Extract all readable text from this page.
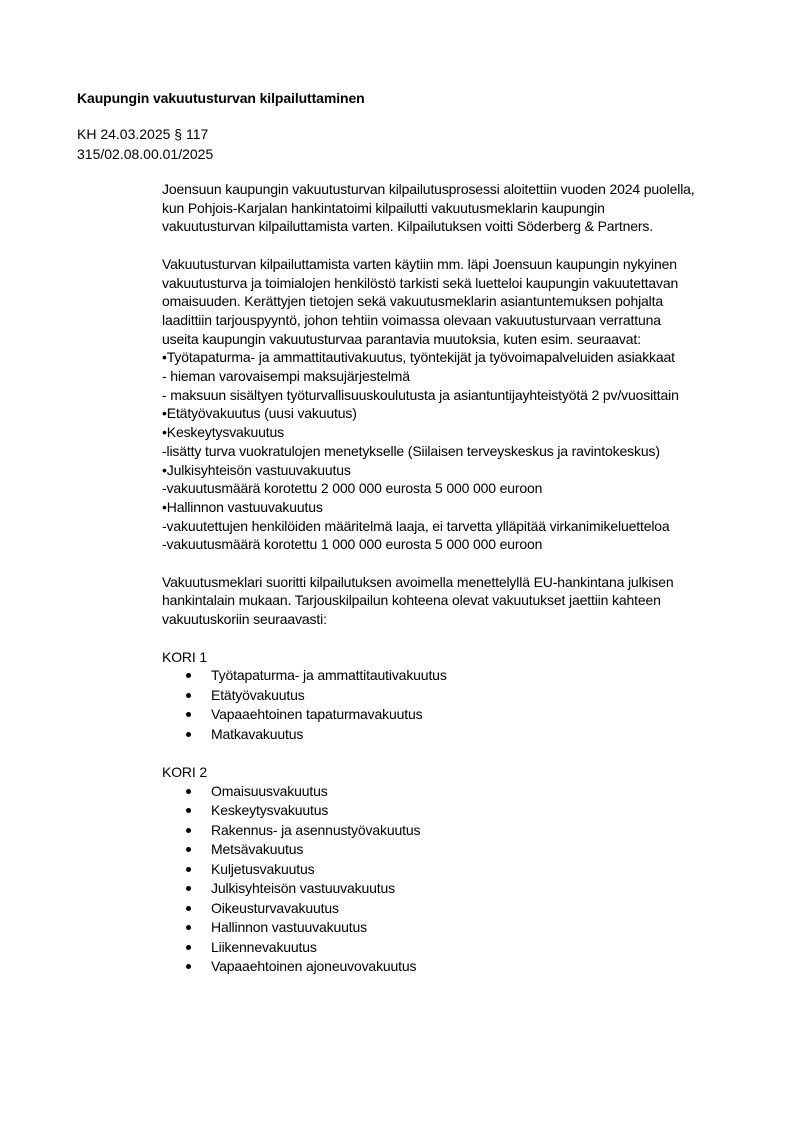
Kaupungin vakuutusturvan kilpailuttaminen
KH 24.03.2025 § 117
315/02.08.00.01/2025
Joensuun kaupungin vakuutusturvan kilpailutusprosessi aloitettiin vuoden 2024 puolella,
kun Pohjois-Karjalan hankintatoimi kilpailutti vakuutusmeklarin kaupungin
vakuutusturvan kilpailuttamista varten. Kilpailutuksen voitti Söderberg & Partners.
Vakuutusturvan kilpailuttamista varten käytiin mm. läpi Joensuun kaupungin nykyinen
vakuutusturva ja toimialojen henkilöstö tarkisti sekä luetteloi kaupungin vakuutettavan
omaisuuden. Kerättyjen tietojen sekä vakuutusmeklarin asiantuntemuksen pohjalta
laadittiin tarjouspyyntö, johon tehtiin voimassa olevaan vakuutusturvaan verrattuna
useita kaupungin vakuutusturvaa parantavia muutoksia, kuten esim. seuraavat:
•Työtapaturma- ja ammattitautivakuutus, työntekijät ja työvoimapalveluiden asiakkaat
- hieman varovaisempi maksujärjestelmä
- maksuun sisältyen työturvallisuuskoulutusta ja asiantuntijayhteistyötä 2 pv/vuosittain
•Etätyövakuutus (uusi vakuutus)
•Keskeytysvakuutus
-lisätty turva vuokratulojen menetykselle (Siilaisen terveyskeskus ja ravintokeskus)
•Julkisyhteisön vastuuvakuutus
-vakuutusmäärä korotettu 2 000 000 eurosta 5 000 000 euroon
•Hallinnon vastuuvakuutus
-vakuutettujen henkilöiden määritelmä laaja, ei tarvetta ylläpitää virkanimikeluetteloa
-vakuutusmäärä korotettu 1 000 000 eurosta 5 000 000 euroon
Vakuutusmeklari suoritti kilpailutuksen avoimella menettelyllä EU-hankintana julkisen
hankintalain mukaan. Tarjouskilpailun kohteena olevat vakuutukset jaettiin kahteen
vakuutuskoriin seuraavasti:
KORI 1
Työtapaturma- ja ammattitautivakuutus
Etätyövakuutus
Vapaaehtoinen tapaturmavakuutus
Matkavakuutus
KORI 2
Omaisuusvakuutus
Keskeytysvakuutus
Rakennus- ja asennustyövakuutus
Metsävakuutus
Kuljetusvakuutus
Julkisyhteisön vastuuvakuutus
Oikeusturvavakuutus
Hallinnon vastuuvakuutus
Liikennevakuutus
Vapaaehtoinen ajoneuvovakuutus
